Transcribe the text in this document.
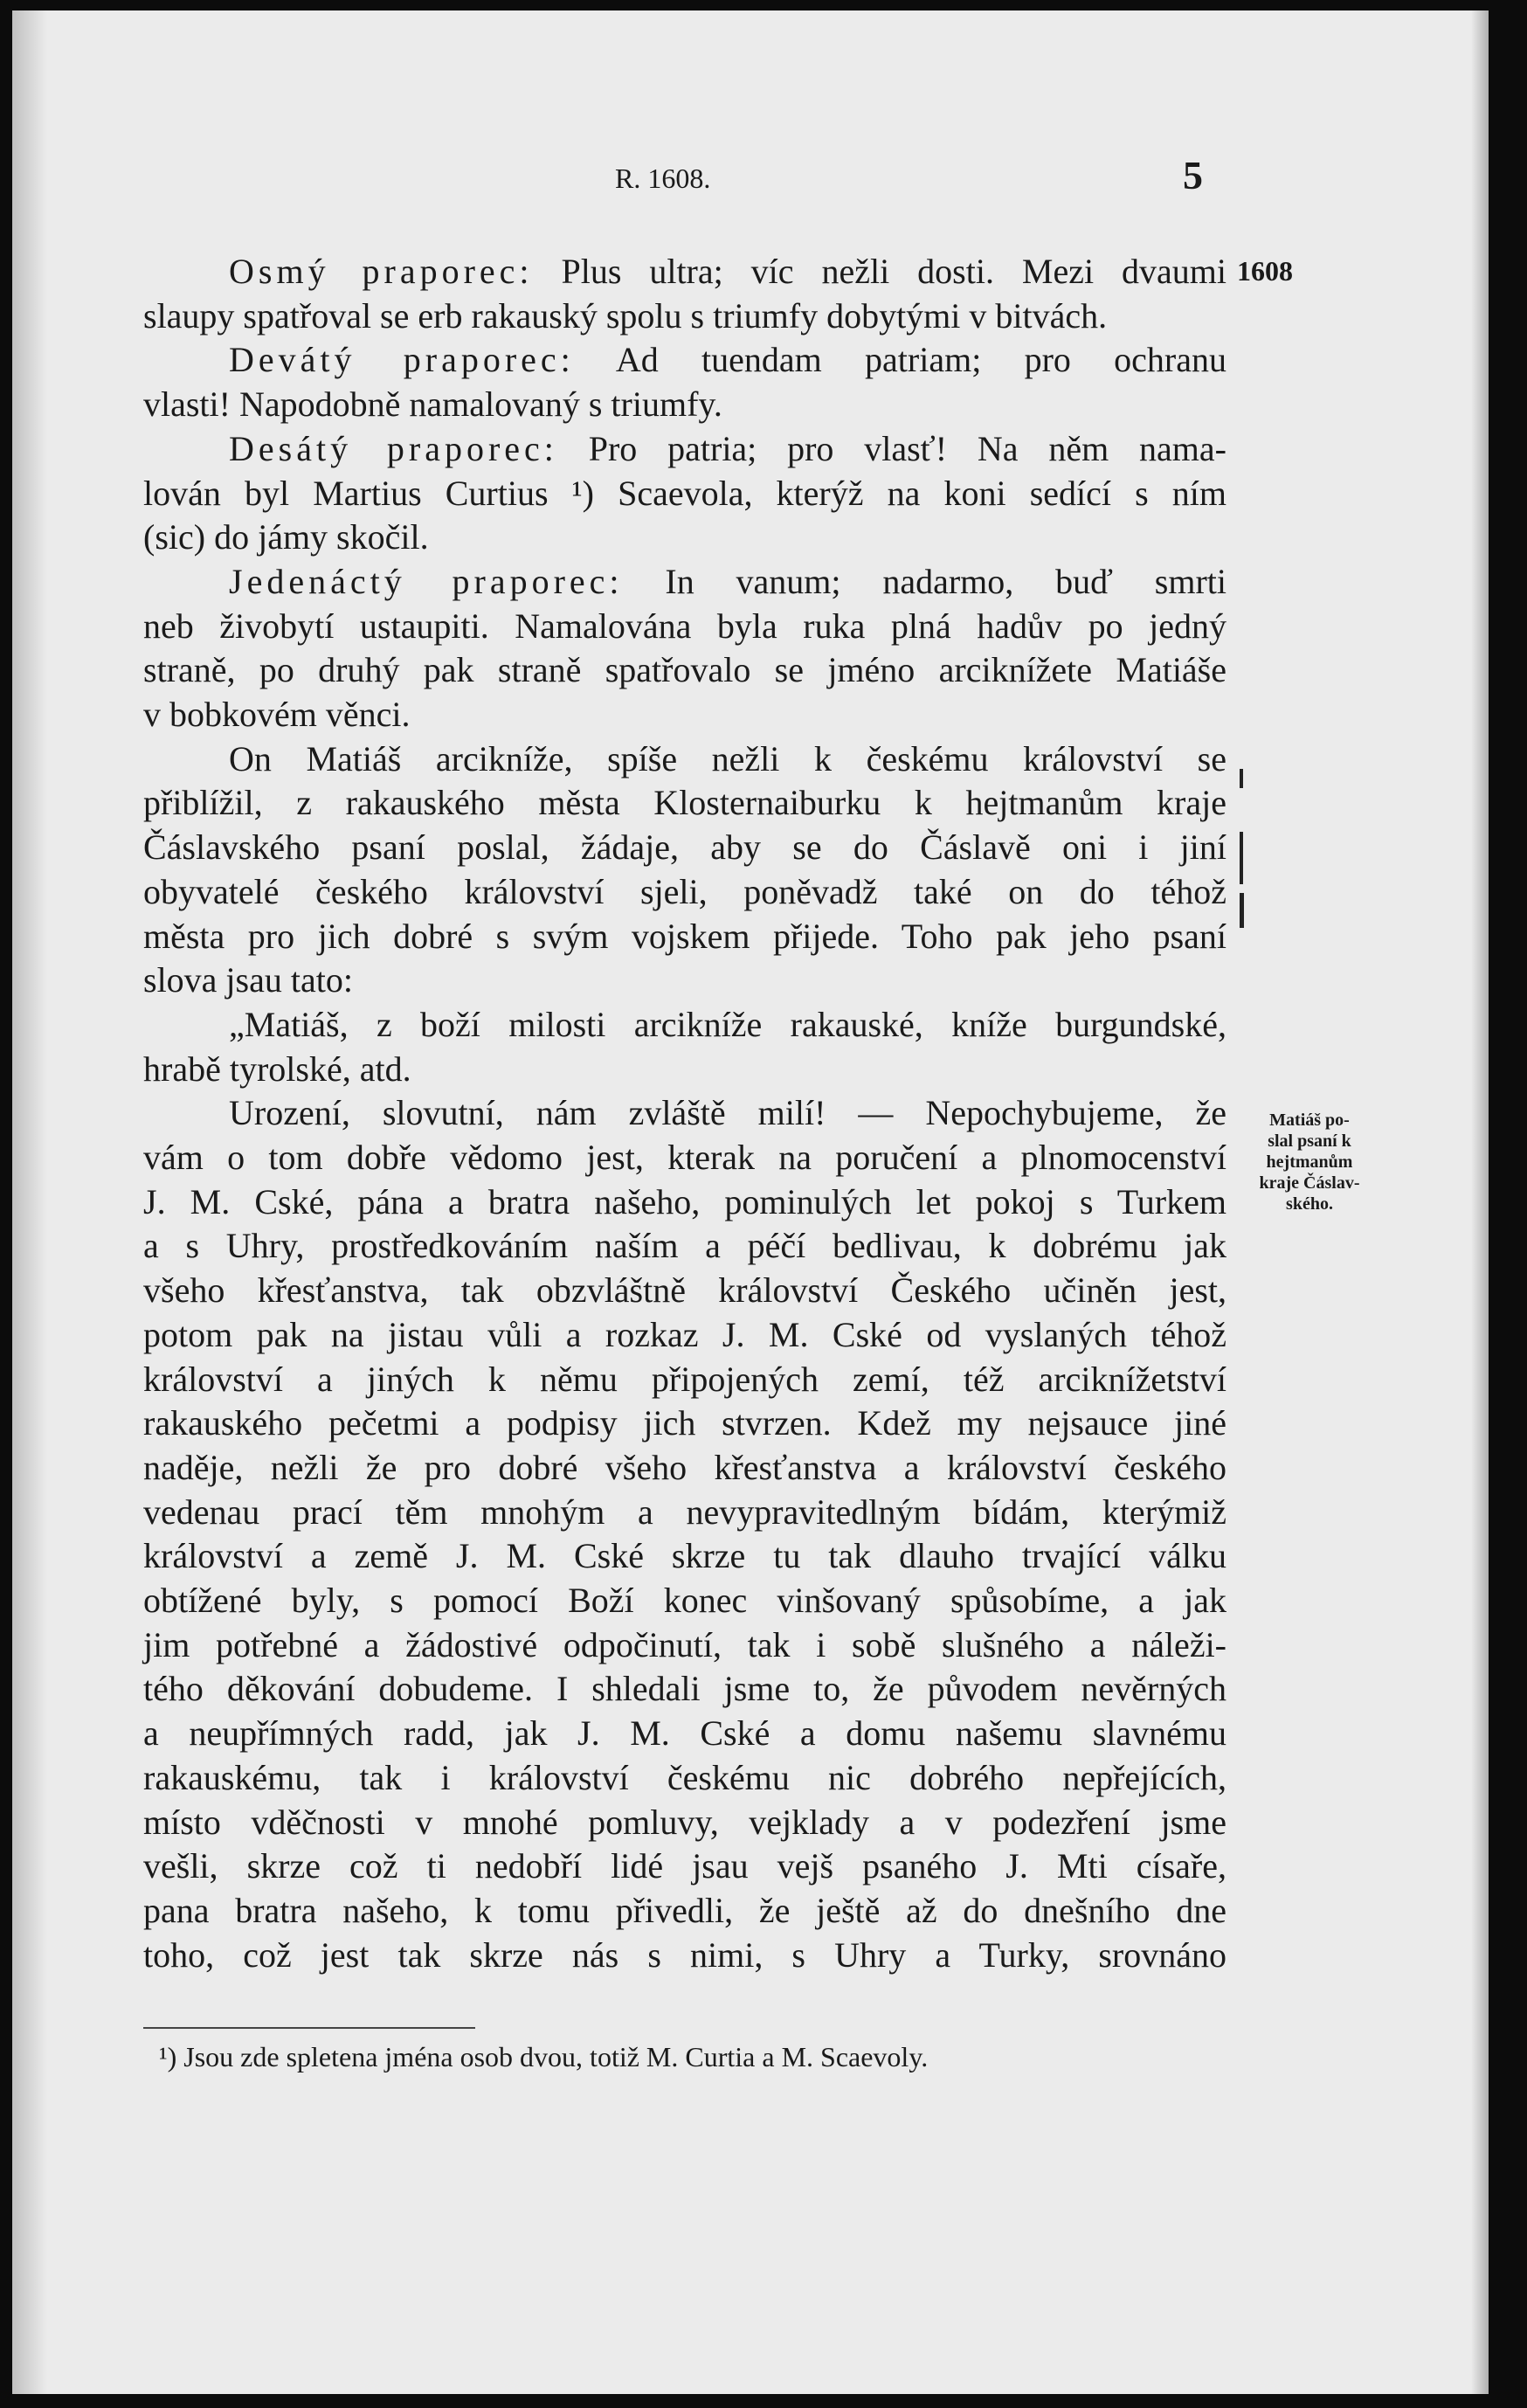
R. 1608.	5
1608
Matiáš po-
slal psaní k
hejtmanům
kraje Čáslav-
ského.
Osmý praporec: Plus ultra; víc nežli dosti. Mezi dvaumi
slaupy spatřoval se erb rakauský spolu s triumfy dobytými v bitvách.
Devátý praporec: Ad tuendam patriam; pro ochranu
vlasti! Napodobně namalovaný s triumfy.
Desátý praporec: Pro patria; pro vlasť! Na něm nama-
lován byl Martius Curtius ¹) Scaevola, kterýž na koni sedící s ním
(sic) do jámy skočil.
Jedenáctý praporec: In vanum; nadarmo, buď smrti
neb živobytí ustaupiti. Namalována byla ruka plná hadův po jedný
straně, po druhý pak straně spatřovalo se jméno arciknížete Matiáše
v bobkovém věnci.
On Matiáš arcikníže, spíše nežli k českému království se
přiblížil, z rakauského města Klosternaiburku k hejtmanům kraje
Čáslavského psaní poslal, žádaje, aby se do Čáslavě oni i jiní
obyvatelé českého království sjeli, poněvadž také on do téhož
města pro jich dobré s svým vojskem přijede. Toho pak jeho psaní
slova jsau tato:
„Matiáš, z boží milosti arcikníže rakauské, kníže burgundské,
hrabě tyrolské, atd.
Urození, slovutní, nám zvláště milí! — Nepochybujeme, že
vám o tom dobře vědomo jest, kterak na poručení a plnomocenství
J. M. Cské, pána a bratra našeho, pominulých let pokoj s Turkem
a s Uhry, prostředkováním naším a péčí bedlivau, k dobrému jak
všeho křesťanstva, tak obzvláštně království Českého učiněn jest,
potom pak na jistau vůli a rozkaz J. M. Cské od vyslaných téhož
království a jiných k němu připojených zemí, též arciknížetství
rakauského pečetmi a podpisy jich stvrzen. Kdež my nejsauce jiné
naděje, nežli že pro dobré všeho křesťanstva a království českého
vedenau prací těm mnohým a nevypravitedlným bídám, kterýmiž
království a země J. M. Cské skrze tu tak dlauho trvající válku
obtížené byly, s pomocí Boží konec vinšovaný spůsobíme, a jak
jim potřebné a žádostivé odpočinutí, tak i sobě slušného a náleži-
tého děkování dobudeme. I shledali jsme to, že původem nevěrných
a neupřímných radd, jak J. M. Cské a domu našemu slavnému
rakauskému, tak i království českému nic dobrého nepřejících,
místo vděčnosti v mnohé pomluvy, vejklady a v podezření jsme
vešli, skrze což ti nedobří lidé jsau vejš psaného J. Mti císaře,
pana bratra našeho, k tomu přivedli, že ještě až do dnešního dne
toho, což jest tak skrze nás s nimi, s Uhry a Turky, srovnáno
¹) Jsou zde spletena jména osob dvou, totiž M. Curtia a M. Scaevoly.
